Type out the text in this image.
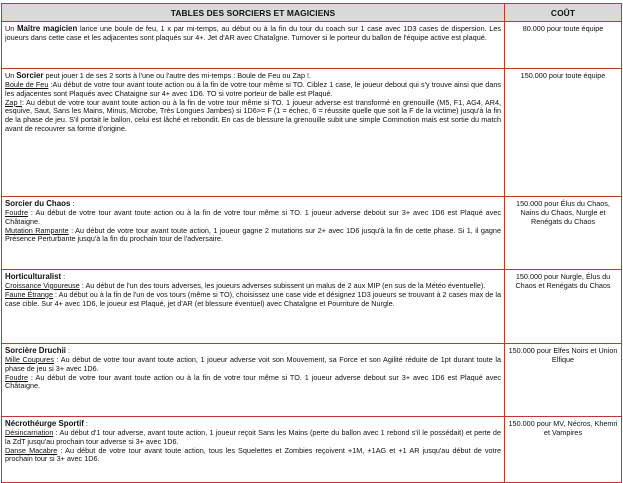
TABLES DES SORCIERS ET MAGICIENS	COÛT

Un Maître magicien lance une boule de feu, 1 x par mi-temps, au début ou à la fin du tour du coach sur 1 case avec 1D3 cases de dispersion. Les joueurs dans cette case et les adjacentes sont plaqués sur 4+. Jet d'AR avec Chataîgne. Turnover si le porteur du ballon de l'équipe active est plaqué.	80.000 pour toute équipe

Un Sorcier peut jouer 1 de ses 2 sorts à l'une ou l'autre des mi-temps : Boule de Feu ou Zap !.

Boule de Feu :Au début de votre tour avant toute action ou à la fin de votre tour même si TO. Ciblez 1 case, le joueur debout qui s'y trouve ainsi que dans les adjacentes sont Plaqués avec Chataigne sur 4+ avec 1D6. TO si votre porteur de balle est Plaqué.

Zap !: Au début de votre tour avant toute action ou à la fin de votre tour même si TO. 1 joueur adverse est transformé en grenouille (M5, F1, AG4, AR4, esquive, Saut, Sans les Mains, Minus, Microbe, Très Longues Jambes) si 1D6>= F (1 = échec, 6 = réussite quelle que soit la F de la victime) jusqu'à la fin de la phase de jeu. S'il portait le ballon, celui est lâché et rebondit. En cas de blessure la grenouille subit une simple Commotion mais est sortie du match avant de recouvrer sa forme d'origine.	150.000 pour toute équipe

Sorcier du Chaos :

Foudre : Au début de votre tour avant toute action ou à la fin de votre tour même si TO. 1 joueur adverse debout sur 3+ avec 1D6 est Plaqué avec Châtaigne.

Mutation Rampante : Au début de votre tour avant toute action, 1 joueur gagne 2 mutations sur 2+ avec 1D6 jusqu'à la fin de cette phase. Si 1, il gagne Présence Perturbante jusqu'à la fin du prochain tour de l'adversaire.	150.000 pour Élus du Chaos, Nains du Chaos, Nurgle et Renégats du Chaos

Horticulturalist :

Croissance Vigoureuse : Au début de l'un des tours adverses, les joueurs adverses subissent un malus de 2 aux MIP (en sus de la Météo éventuelle).

Faune Étrange : Au début ou à la fin de l'un de vos tours (même si TO), choisissez une case vide et désignez 1D3 joueurs se trouvant à 2 cases max de la case cible. Sur 4+ avec 1D6, le joueur est Plaqué, jet d'AR (et blessure éventuel) avec Chataîgne et Pourriture de Nurgle.	150.000 pour Nurgle, Élus du Chaos et Renégats du Chaos

Sorcière Druchii :

Mille Coupures : Au début de votre tour avant toute action, 1 joueur adverse voit son Mouvement, sa Force et son Agilité réduite de 1pt durant toute la phase de jeu si 3+ avec 1D6.

Foudre : Au début de votre tour avant toute action ou à la fin de votre tour même si TO. 1 joueur adverse debout sur 3+ avec 1D6 est Plaqué avec Châtaigne.	150.000 pour Elfes Noirs et Union Elfique

Nécrothéurge Sportif :

Désincarnation : Au début d'1 tour adverse, avant toute action, 1 joueur reçoit Sans les Mains (perte du ballon avec 1 rebond s'il le possédait) et perte de la ZdT jusqu'au prochain tour adverse si 3+ avec 1D6.

Danse Macabre : Au début de votre tour avant toute action, tous les Squelettes et Zombies reçoivent +1M, +1AG et +1 AR jusqu'au début de votre prochain tour si 3+ avec 1D6.	150.000 pour MV, Nécros, Khemri et Vampires
